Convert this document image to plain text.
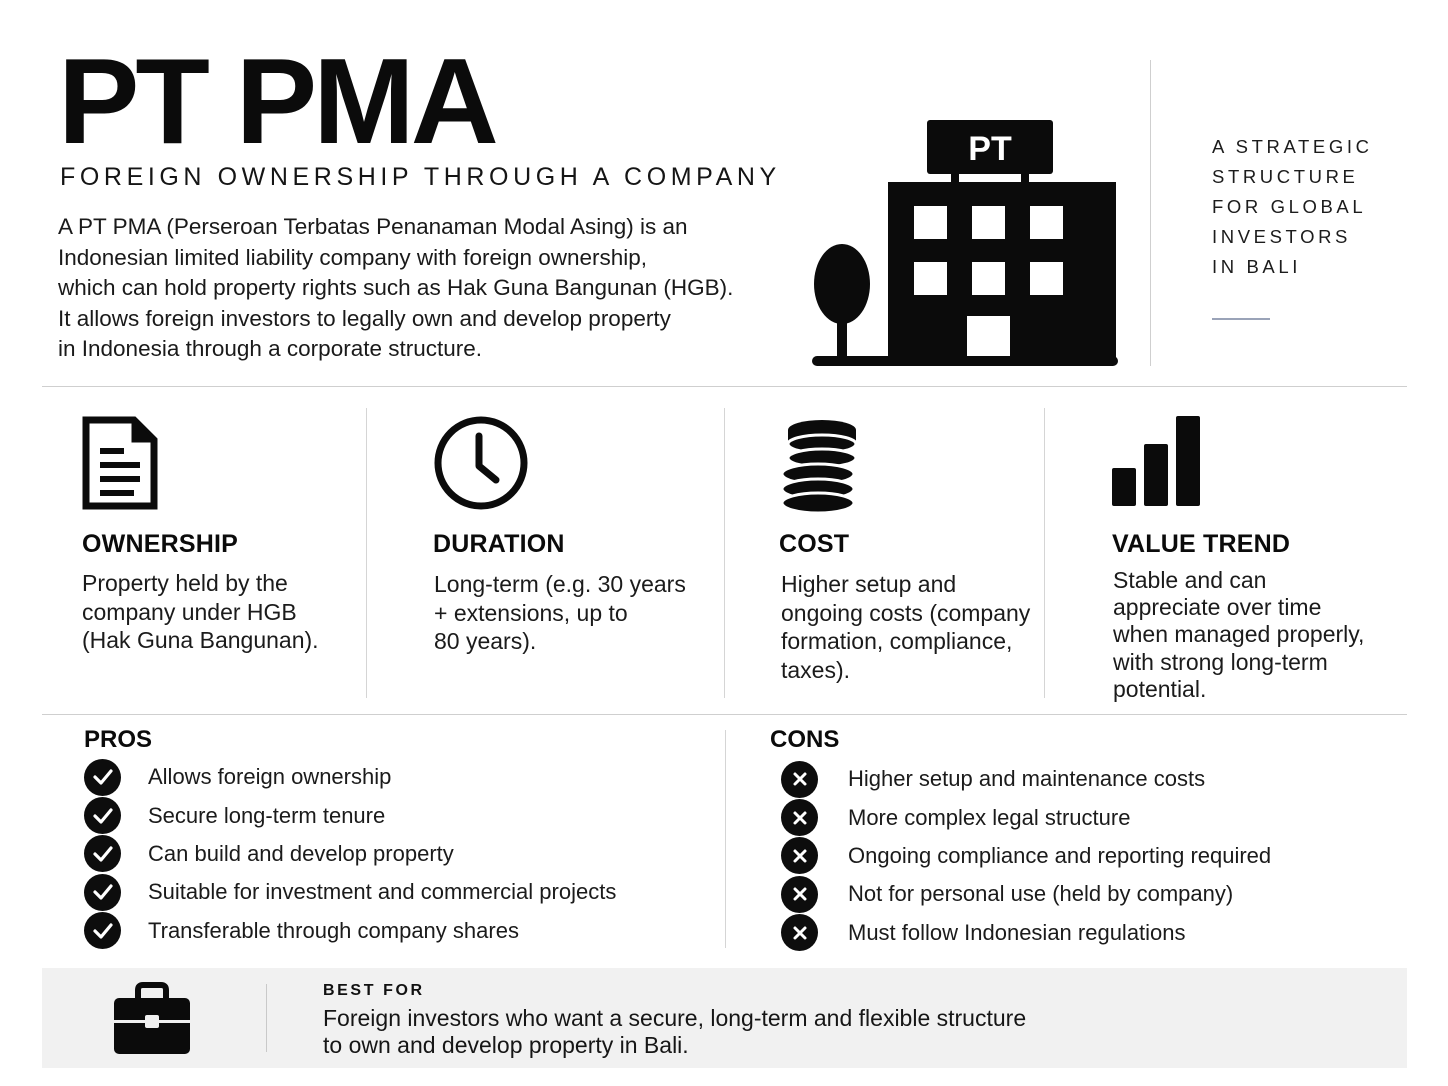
PT PMA
FOREIGN OWNERSHIP THROUGH A COMPANY
A PT PMA (Perseroan Terbatas Penanaman Modal Asing) is an
Indonesian limited liability company with foreign ownership,
which can hold property rights such as Hak Guna Bangunan (HGB).
It allows foreign investors to legally own and develop property
in Indonesia through a corporate structure.
PT	A STRATEGIC
STRUCTURE
FOR GLOBAL
INVESTORS
IN BALI
OWNERSHIP
Property held by the
company under HGB
(Hak Guna Bangunan).
DURATION
Long-term (e.g. 30 years
+ extensions, up to
80 years).
COST
Higher setup and
ongoing costs (company
formation, compliance,
taxes).
VALUE TREND
Stable and can
appreciate over time
when managed properly,
with strong long-term
potential.
PROS
Allows foreign ownership
Secure long-term tenure
Can build and develop property
Suitable for investment and commercial projects
Transferable through company shares
CONS
Higher setup and maintenance costs
More complex legal structure
Ongoing compliance and reporting required
Not for personal use (held by company)
Must follow Indonesian regulations
BEST FOR
Foreign investors who want a secure, long-term and flexible structure
to own and develop property in Bali.
